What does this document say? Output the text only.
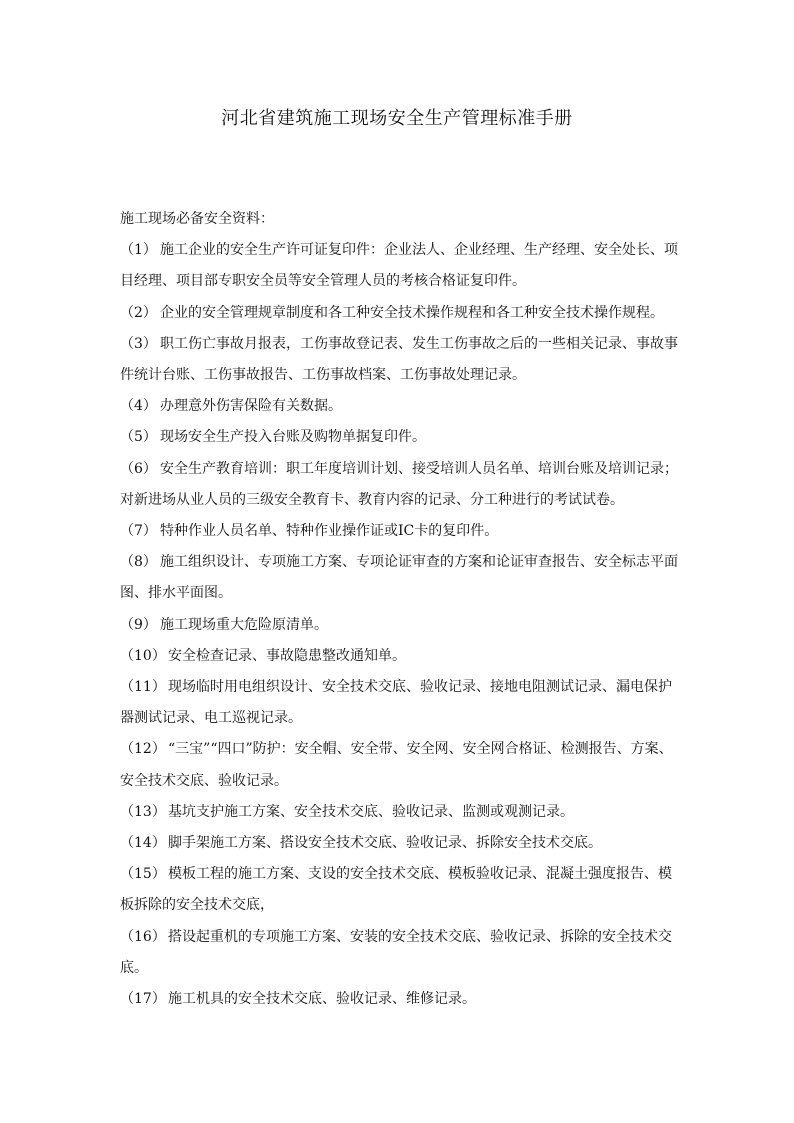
河北省建筑施工现场安全生产管理标准手册
施工现场必备安全资料：
（1） 施工企业的安全生产许可证复印件：企业法人、企业经理、生产经理、安全处长、项
目经理、项目部专职安全员等安全管理人员的考核合格证复印件。
（2） 企业的安全管理规章制度和各工种安全技术操作规程和各工种安全技术操作规程。
（3） 职工伤亡事故月报表，工伤事故登记表、发生工伤事故之后的一些相关记录、事故事
件统计台账、工伤事故报告、工伤事故档案、工伤事故处理记录。
（4） 办理意外伤害保险有关数据。
（5） 现场安全生产投入台账及购物单据复印件。
（6） 安全生产教育培训：职工年度培训计划、接受培训人员名单、培训台账及培训记录；
对新进场从业人员的三级安全教育卡、教育内容的记录、分工种进行的考试试卷。
（7） 特种作业人员名单、特种作业操作证或IC卡的复印件。
（8） 施工组织设计、专项施工方案、专项论证审查的方案和论证审查报告、安全标志平面
图、排水平面图。
（9） 施工现场重大危险原清单。
（10） 安全检查记录、事故隐患整改通知单。
（11） 现场临时用电组织设计、安全技术交底、验收记录、接地电阻测试记录、漏电保护
器测试记录、电工巡视记录。
（12） “三宝”“四口”防护：安全帽、安全带、安全网、安全网合格证、检测报告、方案、
安全技术交底、验收记录。
（13） 基坑支护施工方案、安全技术交底、验收记录、监测或观测记录。
（14） 脚手架施工方案、搭设安全技术交底、验收记录、拆除安全技术交底。
（15） 模板工程的施工方案、支设的安全技术交底、模板验收记录、混凝土强度报告、模
板拆除的安全技术交底，
（16） 搭设起重机的专项施工方案、安装的安全技术交底、验收记录、拆除的安全技术交
底。
（17） 施工机具的安全技术交底、验收记录、维修记录。
